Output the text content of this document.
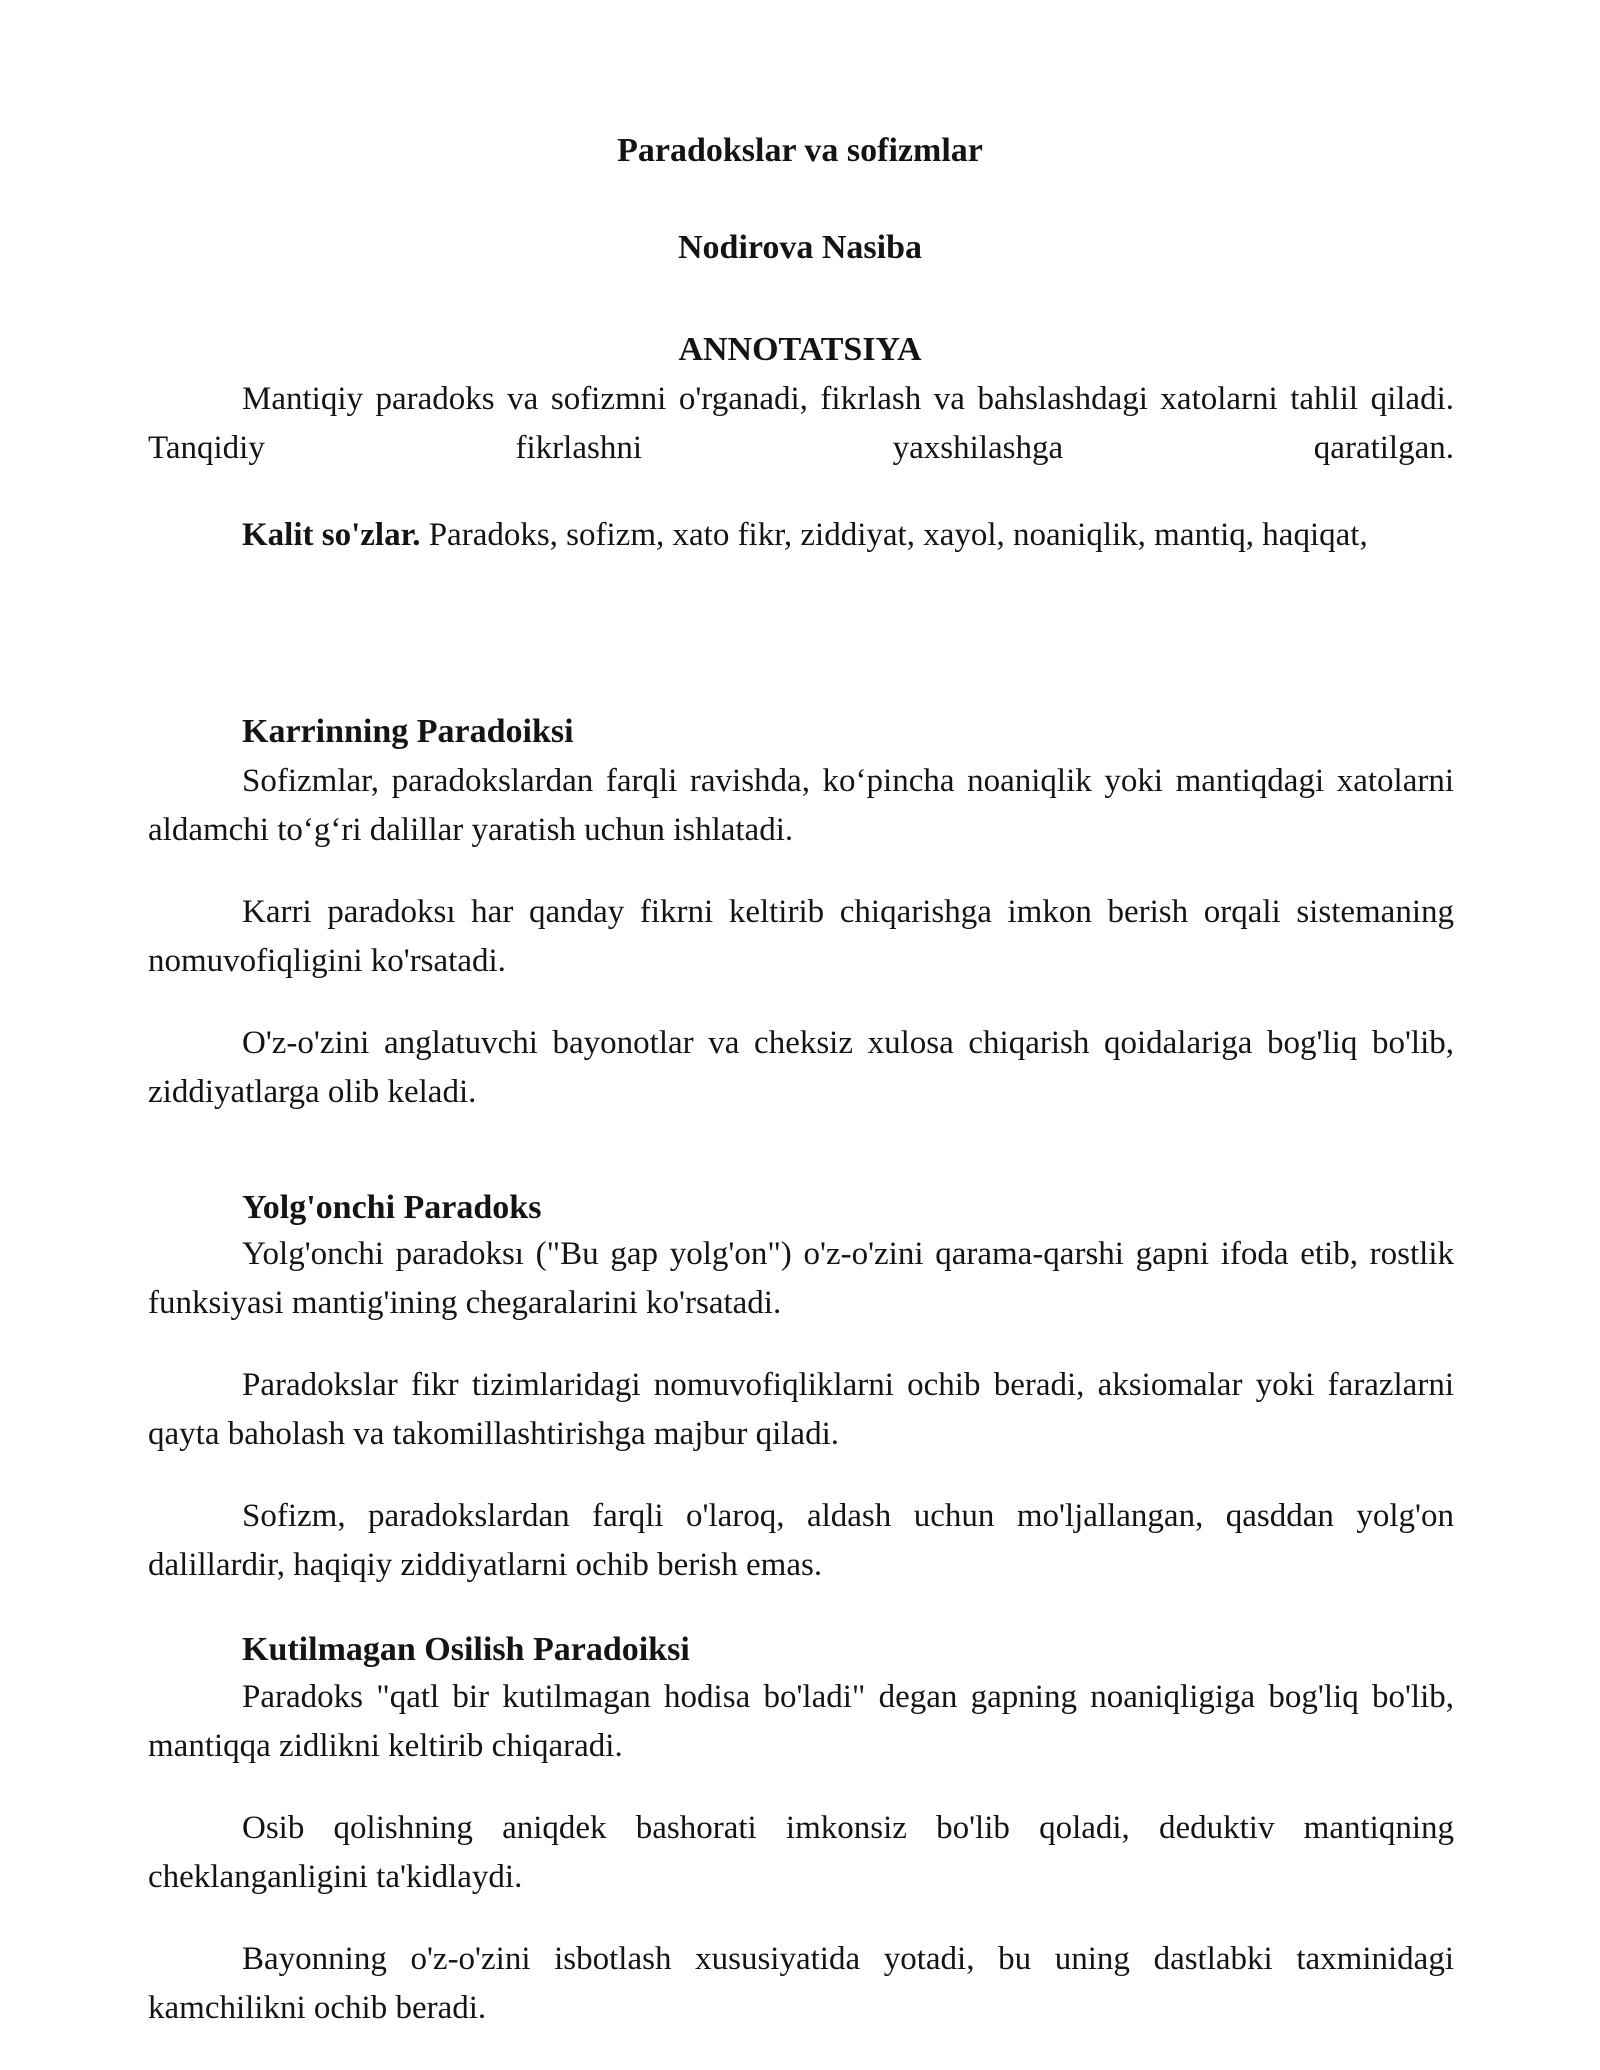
Paradokslar va sofizmlar
Nodirova Nasiba
ANNOTATSIYA

Mantiqiy paradoks va sofizmni o'rganadi, fikrlash va bahslashdagi xatolarni tahlil qiladi. Tanqidiy fikrlashni yaxshilashga qaratilgan.

Kalit so'zlar. Paradoks, sofizm, xato fikr, ziddiyat, xayol, noaniqlik, mantiq, haqiqat,

Karrinning Paradoiksi

Sofizmlar, paradokslardan farqli ravishda, ko‘pincha noaniqlik yoki mantiqdagi xatolarni aldamchi to‘g‘ri dalillar yaratish uchun ishlatadi.

Karri paradoksı har qanday fikrni keltirib chiqarishga imkon berish orqali sistemaning nomuvofiqligini ko'rsatadi.

O'z-o'zini anglatuvchi bayonotlar va cheksiz xulosa chiqarish qoidalariga bog'liq bo'lib, ziddiyatlarga olib keladi.

Yolg'onchi Paradoks

Yolg'onchi paradoksı ("Bu gap yolg'on") o'z-o'zini qarama-qarshi gapni ifoda etib, rostlik funksiyasi mantig'ining chegaralarini ko'rsatadi.

Paradokslar fikr tizimlaridagi nomuvofiqliklarni ochib beradi, aksiomalar yoki farazlarni qayta baholash va takomillashtirishga majbur qiladi.

Sofizm, paradokslardan farqli o'laroq, aldash uchun mo'ljallangan, qasddan yolg'on dalillardir, haqiqiy ziddiyatlarni ochib berish emas.

Kutilmagan Osilish Paradoiksi

Paradoks "qatl bir kutilmagan hodisa bo'ladi" degan gapning noaniqligiga bog'liq bo'lib, mantiqqa zidlikni keltirib chiqaradi.

Osib qolishning aniqdek bashorati imkonsiz bo'lib qoladi, deduktiv mantiqning cheklanganligini ta'kidlaydi.

Bayonning o'z-o'zini isbotlash xususiyatida yotadi, bu uning dastlabki taxminidagi kamchilikni ochib beradi.
